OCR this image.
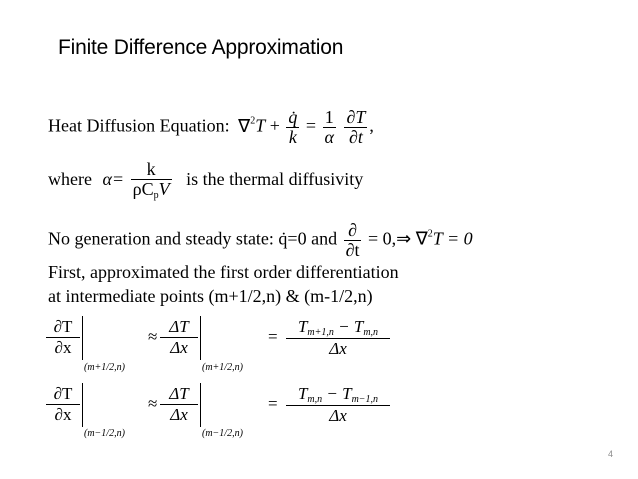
Finite Difference Approximation
Heat Diffusion Equation: $\nabla^2T + \frac{q̇}{k} = \frac{1}{\alpha}$
$\frac{\partial T}{\partial t}$ ,
where $\alpha= \frac{k}{\rho C_pV}$ is the thermal diffusivity
No generation and steady state: q̇=0 and $\frac{\partial}{\partial t}$ = 0,⇒ ∇$^2$T = 0
First, approximated the first order differentiation
at intermediate points (m+1/2,n) & (m-1/2,n)
∂T
∂x
(m+1/2,n)
≈
ΔT
Δx
(m+1/2,n)
=
$T_{m+1,n} - T_{m,n}$
Δx
∂T
∂x
(m−1/2,n)
≈
ΔT
Δx
(m−1/2,n)
=
$T_{m,n} - T_{m-1,n}$
Δx
4
